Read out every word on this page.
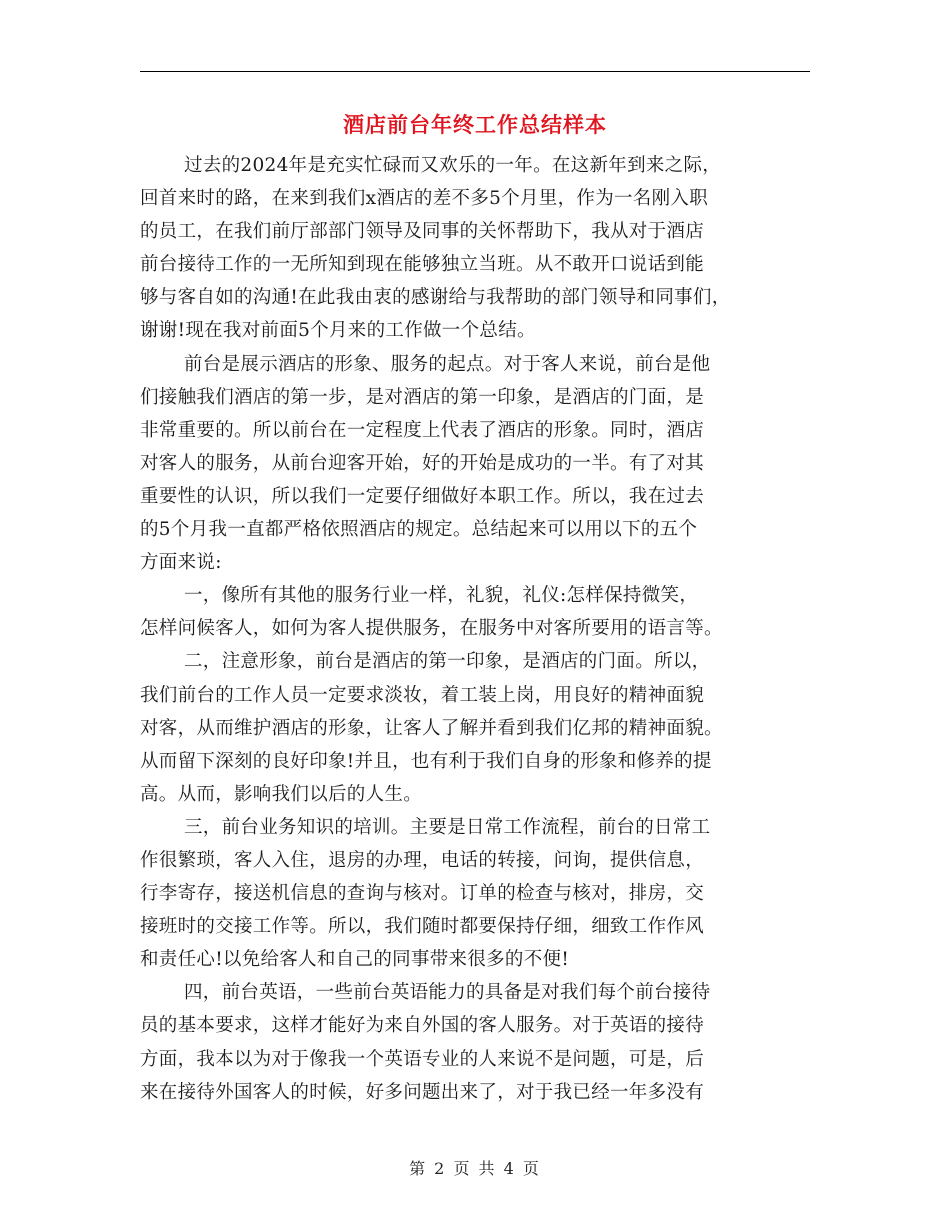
酒店前台年终工作总结样本
过去的2024年是充实忙碌而又欢乐的一年。在这新年到来之际，
回首来时的路，在来到我们x酒店的差不多5个月里，作为一名刚入职
的员工，在我们前厅部部门领导及同事的关怀帮助下，我从对于酒店
前台接待工作的一无所知到现在能够独立当班。从不敢开口说话到能
够与客自如的沟通!在此我由衷的感谢给与我帮助的部门领导和同事们，
谢谢!现在我对前面5个月来的工作做一个总结。
前台是展示酒店的形象、服务的起点。对于客人来说，前台是他
们接触我们酒店的第一步，是对酒店的第一印象，是酒店的门面，是
非常重要的。所以前台在一定程度上代表了酒店的形象。同时，酒店
对客人的服务，从前台迎客开始，好的开始是成功的一半。有了对其
重要性的认识，所以我们一定要仔细做好本职工作。所以，我在过去
的5个月我一直都严格依照酒店的规定。总结起来可以用以下的五个
方面来说:
一，像所有其他的服务行业一样，礼貌，礼仪:怎样保持微笑，
怎样问候客人，如何为客人提供服务，在服务中对客所要用的语言等。
二，注意形象，前台是酒店的第一印象，是酒店的门面。所以，
我们前台的工作人员一定要求淡妆，着工装上岗，用良好的精神面貌
对客，从而维护酒店的形象，让客人了解并看到我们亿邦的精神面貌。
从而留下深刻的良好印象!并且，也有利于我们自身的形象和修养的提
高。从而，影响我们以后的人生。
三，前台业务知识的培训。主要是日常工作流程，前台的日常工
作很繁琐，客人入住，退房的办理，电话的转接，问询，提供信息，
行李寄存，接送机信息的查询与核对。订单的检查与核对，排房，交
接班时的交接工作等。所以，我们随时都要保持仔细，细致工作作风
和责任心!以免给客人和自己的同事带来很多的不便!
四，前台英语，一些前台英语能力的具备是对我们每个前台接待
员的基本要求，这样才能好为来自外国的客人服务。对于英语的接待
方面，我本以为对于像我一个英语专业的人来说不是问题，可是，后
来在接待外国客人的时候，好多问题出来了，对于我已经一年多没有
第 2 页 共 4 页
